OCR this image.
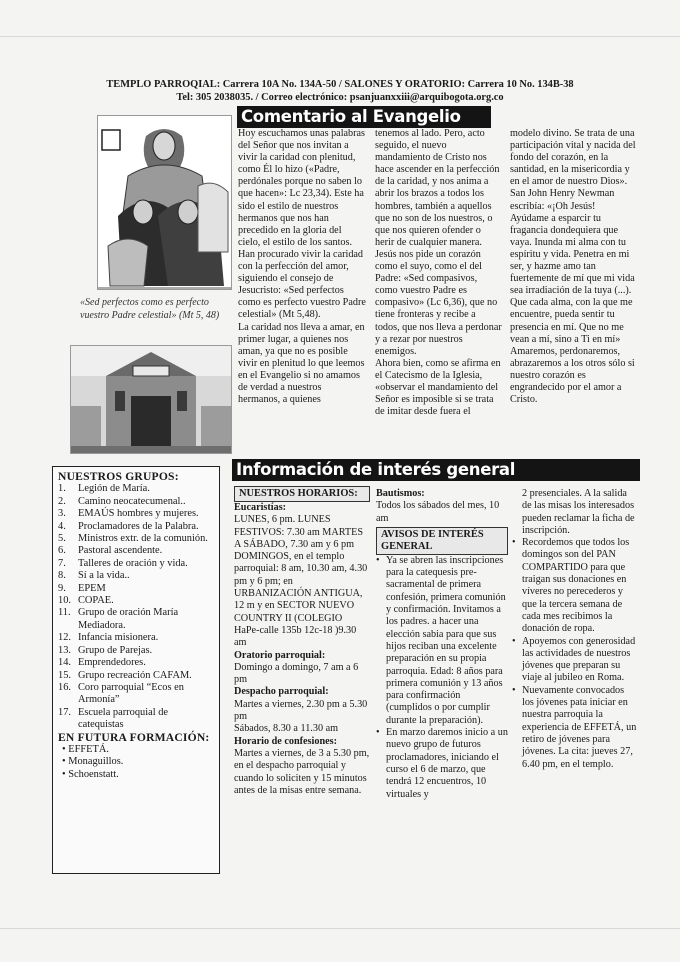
TEMPLO PARROQIAL: Carrera 10A No. 134A-50 / SALONES Y ORATORIO: Carrera 10 No. 134B-38
Tel: 305 2038035. / Correo electrónico: psanjuanxxiii@arquibogota.org.co
Comentario al Evangelio
«Sed perfectos como es perfecto vuestro Padre celestial» (Mt 5, 48)

Hoy escuchamos unas palabras del Señor que nos invitan a vivir la caridad con plenitud, como Él lo hizo («Padre, perdónales porque no saben lo que hacen»: Lc 23,34). Este ha sido el estilo de nuestros hermanos que nos han precedido en la gloria del cielo, el estilo de los santos. Han procurado vivir la caridad con la perfección del amor, siguiendo el consejo de Jesucristo: «Sed perfectos como es perfecto vuestro Padre celestial» (Mt 5,48).

La caridad nos lleva a amar, en primer lugar, a quienes nos aman, ya que no es posible vivir en plenitud lo que leemos en el Evangelio si no amamos de verdad a nuestros hermanos, a quienes

tenemos al lado. Pero, acto seguido, el nuevo mandamiento de Cristo nos hace ascender en la perfección de la caridad, y nos anima a abrir los brazos a todos los hombres, también a aquellos que no son de los nuestros, o que nos quieren ofender o herir de cualquier manera. Jesús nos pide un corazón como el suyo, como el del Padre: «Sed compasivos, como vuestro Padre es compasivo» (Lc 6,36), que no tiene fronteras y recibe a todos, que nos lleva a perdonar y a rezar por nuestros enemigos.

Ahora bien, como se afirma en el Catecismo de la Iglesia, «observar el mandamiento del Señor es imposible si se trata de imitar desde fuera el

modelo divino. Se trata de una participación vital y nacida del fondo del corazón, en la santidad, en la misericordia y en el amor de nuestro Dios».

San John Henry Newman escribía: «¡Oh Jesús! Ayúdame a esparcir tu fragancia dondequiera que vaya. Inunda mi alma con tu espíritu y vida. Penetra en mi ser, y hazme amo tan fuertemente de mí que mi vida sea irradiación de la tuya (...). Que cada alma, con la que me encuentre, pueda sentir tu presencia en mí. Que no me vean a mí, sino a Ti en mí» Amaremos, perdonaremos, abrazaremos a los otros sólo si nuestro corazón es engrandecido por el amor a Cristo.

Información de interés general
NUESTROS GRUPOS:
1.	Legión de María.
2.	Camino neocatecumenal..
3.	EMAÚS hombres y mujeres.
4.	Proclamadores de la Palabra.
5.	Ministros extr. de la comunión.
6.	Pastoral ascendente.
7.	Talleres de oración y vida.
8.	Sí a la vida..
9.	EPEM
10. COPAE.
11. Grupo de oración María Mediadora.
12. Infancia misionera.
13. Grupo de Parejas.
14. Emprendedores.
15. Grupo recreación CAFAM.
16. Coro parroquial “Ecos en Armonía”
17. Escuela parroquial de catequistas
EN FUTURA FORMACIÓN:
• EFFETÁ.
• Monaguillos.
• Schoenstatt.
NUESTROS HORARIOS:
Eucaristías:
LUNES, 6 pm. LUNES FESTIVOS: 7.30 am MARTES A SÁBADO, 7.30 am y 6 pm DOMINGOS, en el templo parroquial: 8 am, 10.30 am, 4.30 pm y 6 pm; en URBANIZACIÓN ANTIGUA, 12 m y en SECTOR NUEVO COUNTRY II (COLEGIO HaPe-calle 135b 12c-18 )9.30 am
Oratorio parroquial:
Domingo a domingo, 7 am a 6 pm
Despacho parroquial:
Martes a viernes, 2.30 pm a 5.30 pm
Sábados, 8.30 a 11.30 am
Horario de confesiones:
Martes a viernes, de 3 a 5.30 pm, en el despacho parroquial y cuando lo soliciten y 15 minutos antes de la misas entre semana.
Bautismos:
Todos los sábados del mes, 10 am
AVISOS DE INTERÉS GENERAL
• Ya se abren las inscripciones para la catequesis pre-sacramental de primera confesión, primera comunión y confirmación. Invitamos a los padres. a hacer una elección sabia para que sus hijos reciban una excelente preparación en su propia parroquia. Edad: 8 años para primera comunión y 13 años para confirmación (cumplidos o por cumplir durante la preparación).
• En marzo daremos inicio a un nuevo grupo de futuros proclamadores, iniciando el curso el 6 de marzo, que tendrá 12 encuentros, 10 virtuales y
2 presenciales. A la salida de las misas los interesados pueden reclamar la ficha de inscripción.
• Recordemos que todos los domingos son del PAN COMPARTIDO para que traigan sus donaciones en víveres no perecederos y que la tercera semana de cada mes recibimos la donación de ropa.
• Apoyemos con generosidad las actividades de nuestros jóvenes que preparan su viaje al jubileo en Roma.
• Nuevamente convocados los jóvenes pata iniciar en nuestra parroquia la experiencia de EFFETÁ, un retiro de jóvenes para jóvenes. La cita: jueves 27, 6.40 pm, en el templo.
